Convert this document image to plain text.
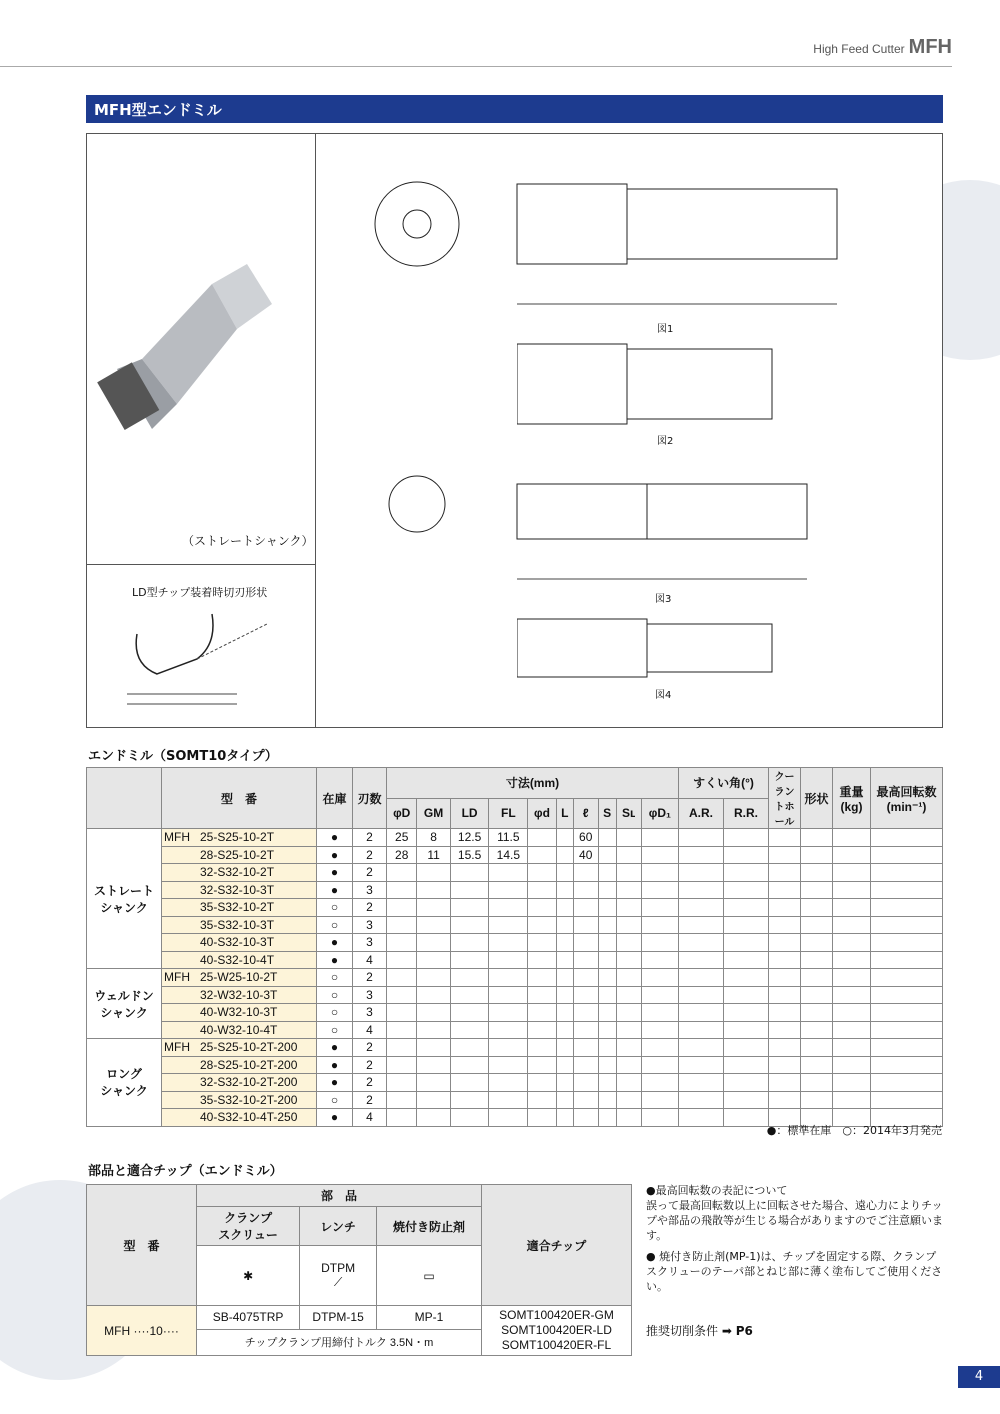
High Feed Cutter MFH
MFH型エンドミル
（ストレートシャンク）
LD型チップ装着時切刃形状
図1
図2
図3
図4
エンドミル（SOMT10タイプ）
	型　番	在庫	刃数	寸法(mm)										すくい角(°)		クーラントホール	形状	重量
(kg)	最高回転数
(min⁻¹)
				φD	GM	LD	FL	φd	L	ℓ	S	Sʟ	φD₁	A.R.	R.R.				
ストレート
シャンク	MFH 25-S25-10-2T	●	2	25	8	12.5	11.5			60									
	28-S25-10-2T	●	2	28	11	15.5	14.5			40									
	32-S32-10-2T	●	2																
	32-S32-10-3T	●	3																
	35-S32-10-2T	○	2																
	35-S32-10-3T	○	3																
	40-S32-10-3T	●	3																
	40-S32-10-4T	●	4																
ウェルドン
シャンク	MFH 25-W25-10-2T	○	2																
	32-W32-10-3T	○	3																
	40-W32-10-3T	○	3																
	40-W32-10-4T	○	4																
ロング
シャンク	MFH 25-S25-10-2T-200	●	2																
	28-S25-10-2T-200	●	2																
	32-S32-10-2T-200	●	2																
	35-S32-10-2T-200	○	2																
	40-S32-10-4T-250	●	4																
●：標準在庫　○：2014年3月発売
部品と適合チップ（エンドミル）
型　番	部　品			適合チップ
	クランプ
スクリュー	レンチ	焼付き防止剤	
	✱	DTPM
⟋	▭	
MFH ····10····	SB-4075TRP	DTPM-15	MP-1	SOMT100420ER-GM
SOMT100420ER-LD
SOMT100420ER-FL

	チップクランプ用締付トルク 3.5N・m			

●最高回転数の表記について
誤って最高回転数以上に回転させた場合、遠心力によりチップや部品の飛散等が生じる場合がありますのでご注意願います。

● 焼付き防止剤(MP-1)は、チップを固定する際、クランプスクリューのテーパ部とねじ部に薄く塗布してご使用ください。

推奨切削条件 ➡ P6

4
